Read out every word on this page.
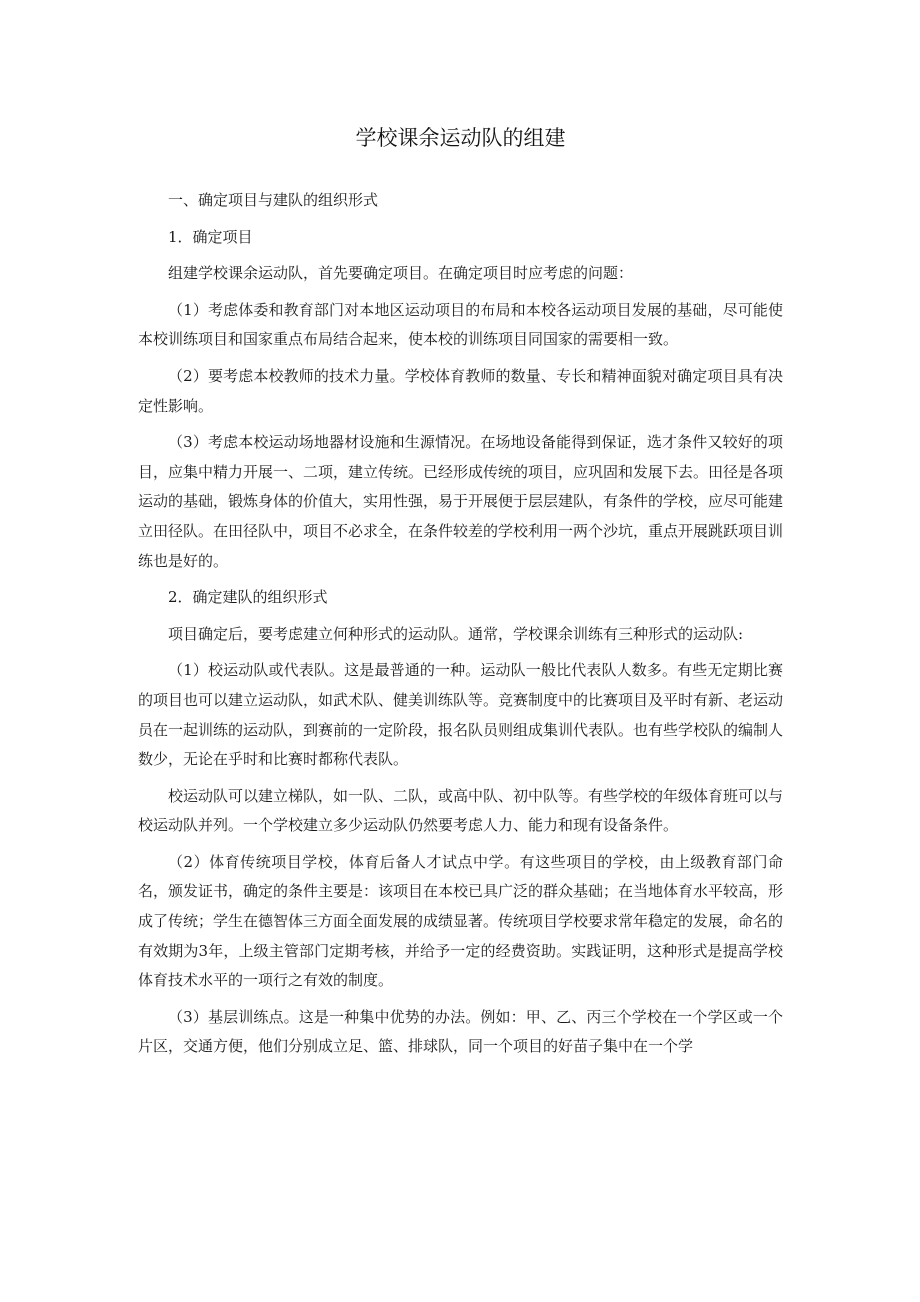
学校课余运动队的组建

一、确定项目与建队的组织形式

1．确定项目

组建学校课余运动队，首先要确定项目。在确定项目时应考虑的问题：

（1）考虑体委和教育部门对本地区运动项目的布局和本校各运动项目发展的基础，尽可能使本校训练项目和国家重点布局结合起来，使本校的训练项目同国家的需要相一致。

（2）要考虑本校教师的技术力量。学校体育教师的数量、专长和精神面貌对确定项目具有决定性影响。

（3）考虑本校运动场地器材设施和生源情况。在场地设备能得到保证，选才条件又较好的项目，应集中精力开展一、二项，建立传统。已经形成传统的项目，应巩固和发展下去。田径是各项运动的基础，锻炼身体的价值大，实用性强，易于开展便于层层建队，有条件的学校，应尽可能建立田径队。在田径队中，项目不必求全，在条件较差的学校利用一两个沙坑，重点开展跳跃项目训练也是好的。

2．确定建队的组织形式

项目确定后，要考虑建立何种形式的运动队。通常，学校课余训练有三种形式的运动队:

（1）校运动队或代表队。这是最普通的一种。运动队一般比代表队人数多。有些无定期比赛的项目也可以建立运动队，如武术队、健美训练队等。竞赛制度中的比赛项目及平时有新、老运动员在一起训练的运动队，到赛前的一定阶段，报名队员则组成集训代表队。也有些学校队的编制人数少，无论在乎时和比赛时都称代表队。

校运动队可以建立梯队，如一队、二队，或高中队、初中队等。有些学校的年级体育班可以与校运动队并列。一个学校建立多少运动队仍然要考虑人力、能力和现有设备条件。

（2）体育传统项目学校，体育后备人才试点中学。有这些项目的学校，由上级教育部门命名，颁发证书，确定的条件主要是：该项目在本校已具广泛的群众基础；在当地体育水平较高，形成了传统；学生在德智体三方面全面发展的成绩显著。传统项目学校要求常年稳定的发展，命名的有效期为3年，上级主管部门定期考核，并给予一定的经费资助。实践证明，这种形式是提高学校体育技术水平的一项行之有效的制度。

（3）基层训练点。这是一种集中优势的办法。例如：甲、乙、丙三个学校在一个学区或一个片区，交通方便，他们分别成立足、篮、排球队，同一个项目的好苗子集中在一个学
